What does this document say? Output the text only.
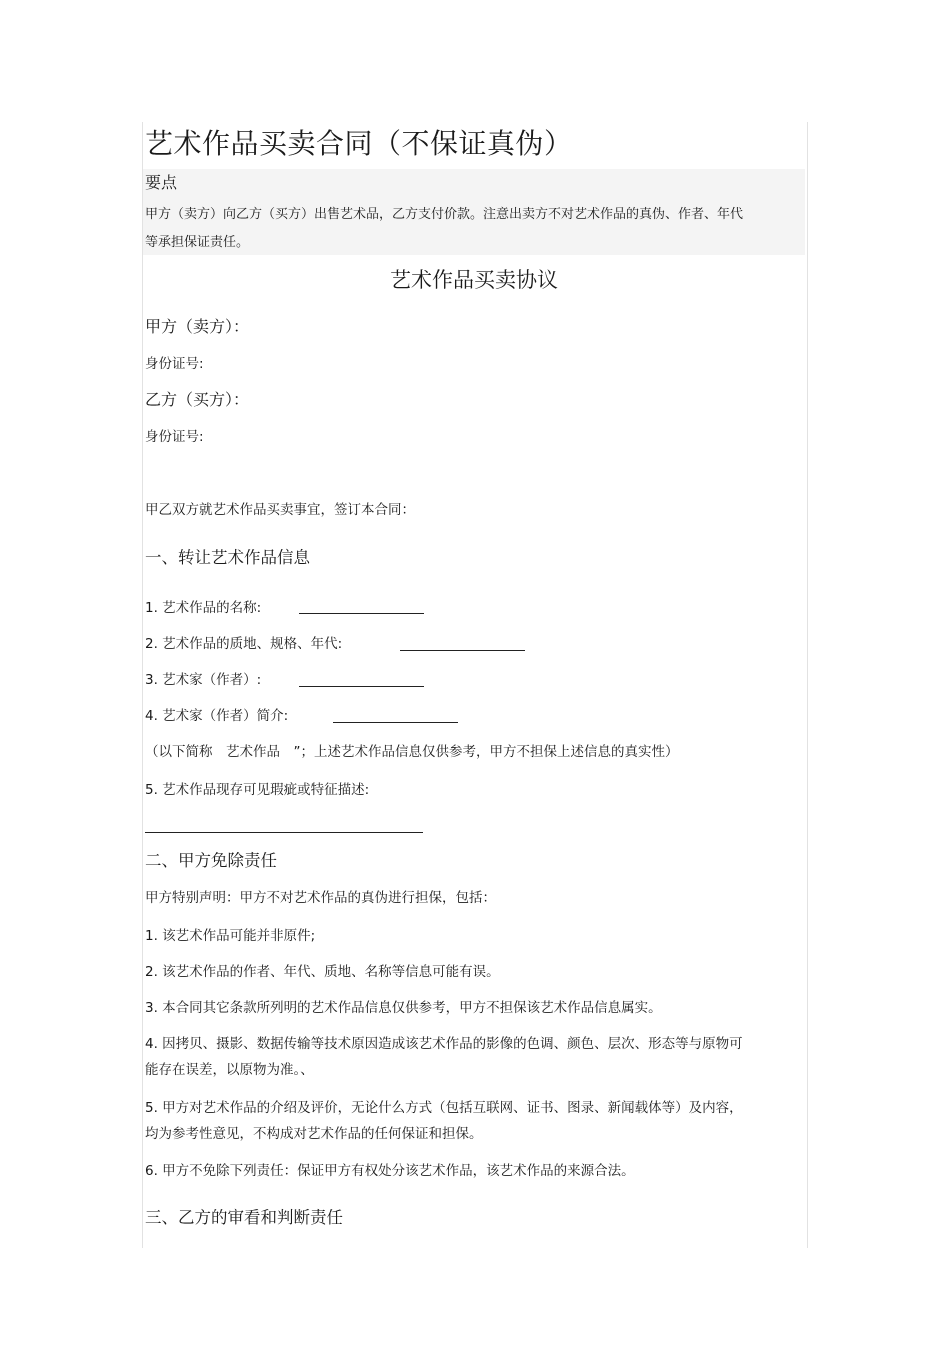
艺术作品买卖合同（不保证真伪）
要点
甲方（卖方）向乙方（买方）出售艺术品，乙方支付价款。注意出卖方不对艺术作品的真伪、作者、年代等承担保证责任。
艺术作品买卖协议
甲方（卖方）：
身份证号:
乙方（买方）：
身份证号:
甲乙双方就艺术作品买卖事宜，签订本合同：
一、转让艺术作品信息
1. 艺术作品的名称:
2. 艺术作品的质地、规格、年代:
3. 艺术家（作者）:
4. 艺术家（作者）简介:
（以下简称　艺术作品　”；上述艺术作品信息仅供参考，甲方不担保上述信息的真实性）
5. 艺术作品现存可见瑕疵或特征描述:
二、甲方免除责任
甲方特别声明：甲方不对艺术作品的真伪进行担保，包括：
1. 该艺术作品可能并非原件;
2. 该艺术作品的作者、年代、质地、名称等信息可能有误。
3. 本合同其它条款所列明的艺术作品信息仅供参考，甲方不担保该艺术作品信息属实。
4. 因拷贝、摄影、数据传输等技术原因造成该艺术作品的影像的色调、颜色、层次、形态等与原物可能存在误差，以原物为准。、
5. 甲方对艺术作品的介绍及评价，无论什么方式（包括互联网、证书、图录、新闻载体等）及内容，均为参考性意见，不构成对艺术作品的任何保证和担保。
6. 甲方不免除下列责任：保证甲方有权处分该艺术作品，该艺术作品的来源合法。
三、乙方的审看和判断责任
